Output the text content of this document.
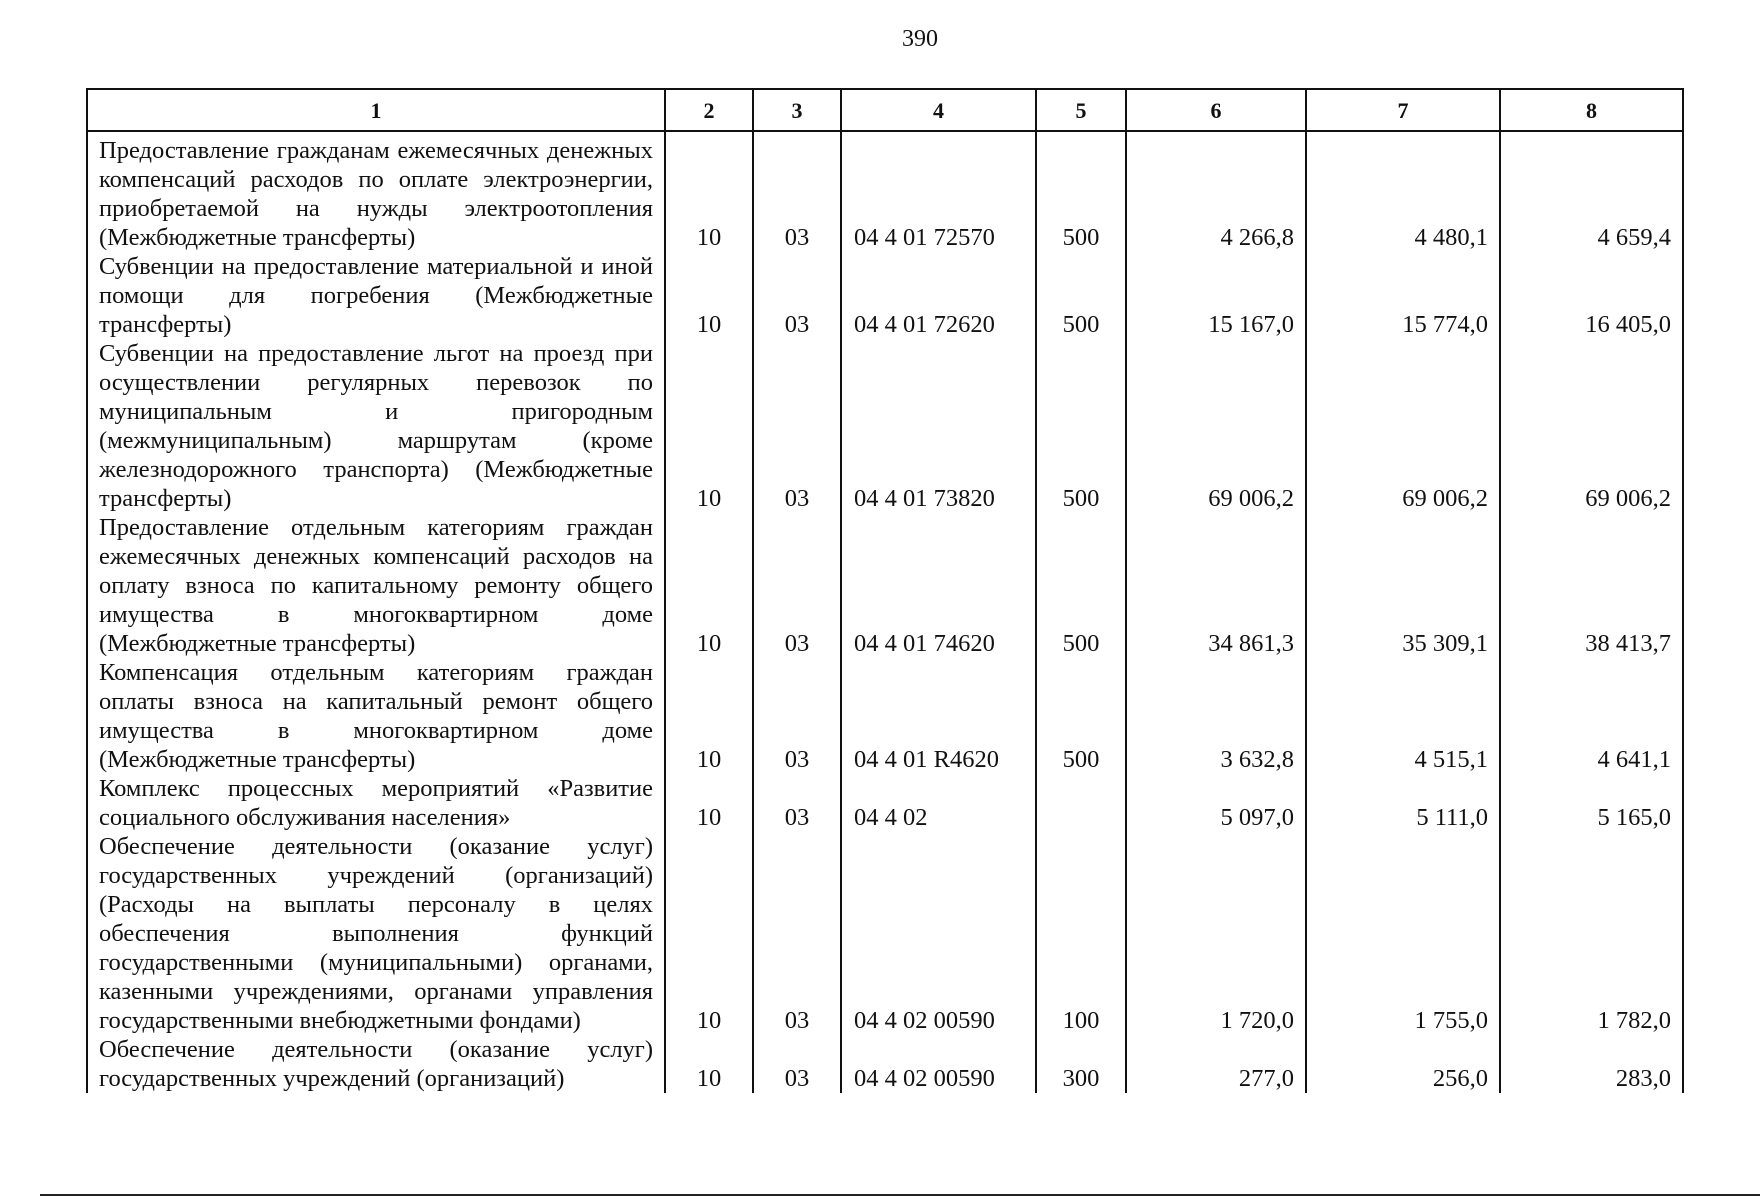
390
1	2	3	4	5	6	7	8
Предоставление гражданам ежемесячных денежных компенсаций расходов по оплате электроэнергии, приобретаемой на нужды электроотопления (Межбюджетные трансферты)	10	03	04 4 01 72570	500	4 266,8	4 480,1	4 659,4
Субвенции на предоставление материальной и иной помощи для погребения (Межбюджетные трансферты)	10	03	04 4 01 72620	500	15 167,0	15 774,0	16 405,0
Субвенции на предоставление льгот на проезд при осуществлении регулярных перевозок по муниципальным и пригородным (межмуниципальным) маршрутам (кроме железнодорожного транспорта) (Межбюджетные трансферты)	10	03	04 4 01 73820	500	69 006,2	69 006,2	69 006,2
Предоставление отдельным категориям граждан ежемесячных денежных компенсаций расходов на оплату взноса по капитальному ремонту общего имущества в многоквартирном доме (Межбюджетные трансферты)	10	03	04 4 01 74620	500	34 861,3	35 309,1	38 413,7
Компенсация отдельным категориям граждан оплаты взноса на капитальный ремонт общего имущества в многоквартирном доме (Межбюджетные трансферты)	10	03	04 4 01 R4620	500	3 632,8	4 515,1	4 641,1
Комплекс процессных мероприятий «Развитие социального обслуживания населения»	10	03	04 4 02		5 097,0	5 111,0	5 165,0
Обеспечение деятельности (оказание услуг) государственных учреждений (организаций) (Расходы на выплаты персоналу в целях обеспечения выполнения функций государственными (муниципальными) органами, казенными учреждениями, органами управления государственными внебюджетными фондами)	10	03	04 4 02 00590	100	1 720,0	1 755,0	1 782,0
Обеспечение деятельности (оказание услуг) государственных учреждений (организаций)	10	03	04 4 02 00590	300	277,0	256,0	283,0
